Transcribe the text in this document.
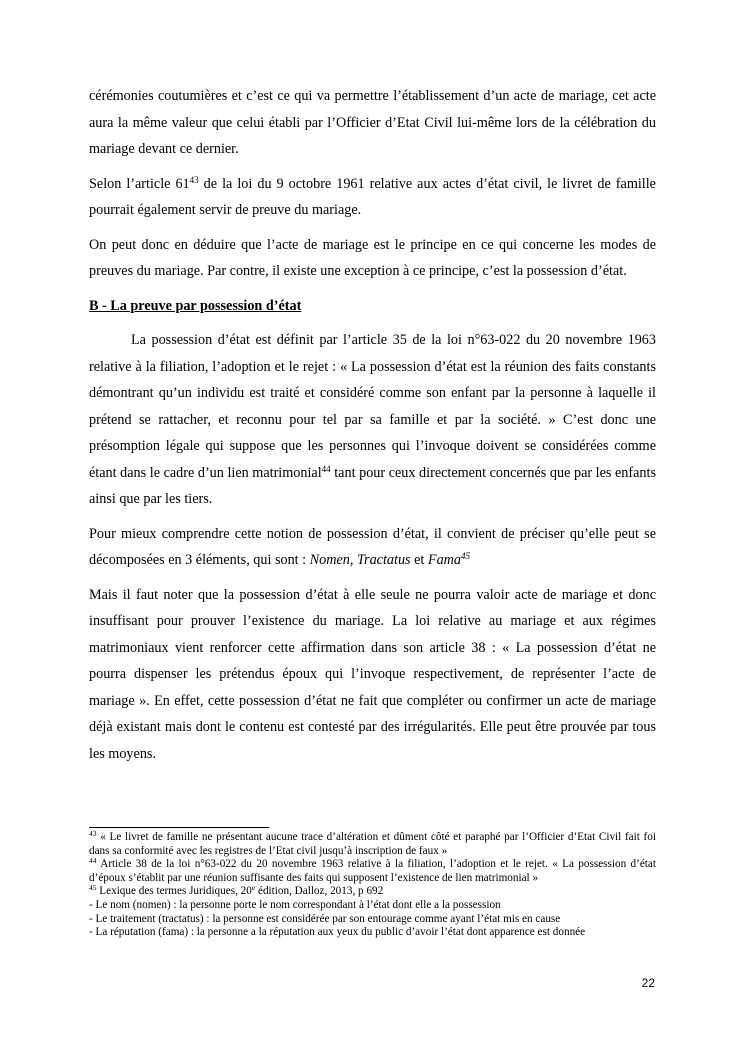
cérémonies coutumières et c’est ce qui va permettre l’établissement d’un acte de mariage, cet acte aura la même valeur que celui établi par l’Officier d’Etat Civil lui-même lors de la célébration du mariage devant ce dernier.

Selon l’article $61^{43}$ de la loi du 9 octobre 1961 relative aux actes d’état civil, le livret de famille pourrait également servir de preuve du mariage.

On peut donc en déduire que l’acte de mariage est le principe en ce qui concerne les modes de preuves du mariage. Par contre, il existe une exception à ce principe, c’est la possession d’état.

B - La preuve par possession d’état

La possession d’état est définit par l’article 35 de la loi n°63-022 du 20 novembre 1963 relative à la filiation, l’adoption et le rejet : « La possession d’état est la réunion des faits constants démontrant qu’un individu est traité et considéré comme son enfant par la personne à laquelle il prétend se rattacher, et reconnu pour tel par sa famille et par la société. » C’est donc une présomption légale qui suppose que les personnes qui l’invoque doivent se considérées comme étant dans le cadre d’un lien matrimonial$^{44}$ tant pour ceux directement concernés que par les enfants ainsi que par les tiers.

Pour mieux comprendre cette notion de possession d’état, il convient de préciser qu’elle peut se décomposées en 3 éléments, qui sont : Nomen, Tractatus et Fama$^{45}$

Mais il faut noter que la possession d’état à elle seule ne pourra valoir acte de mariage et donc insuffisant pour prouver l’existence du mariage. La loi relative au mariage et aux régimes matrimoniaux vient renforcer cette affirmation dans son article 38 : « La possession d’état ne pourra dispenser les prétendus époux qui l’invoque respectivement, de représenter l’acte de mariage ». En effet, cette possession d’état ne fait que compléter ou confirmer un acte de mariage déjà existant mais dont le contenu est contesté par des irrégularités. Elle peut être prouvée par tous les moyens.

$^{43}$ « Le livret de famille ne présentant aucune trace d’altération et dûment côté et paraphé par l’Officier d’Etat Civil fait foi dans sa conformité avec les registres de l’Etat civil jusqu’à inscription de faux »

$^{44}$ Article 38 de la loi n°63-022 du 20 novembre 1963 relative à la filiation, l’adoption et le rejet. « La possession d’état d’époux s’établit par une réunion suffisante des faits qui supposent l’existence de lien matrimonial »

$^{45}$ Lexique des termes Juridiques, 20e édition, Dalloz, 2013, p 692

- Le nom (nomen) : la personne porte le nom correspondant à l’état dont elle a la possession

- Le traitement (tractatus) : la personne est considérée par son entourage comme ayant l’état mis en cause

- La réputation (fama) : la personne a la réputation aux yeux du public d’avoir l’état dont apparence est donnée

22
